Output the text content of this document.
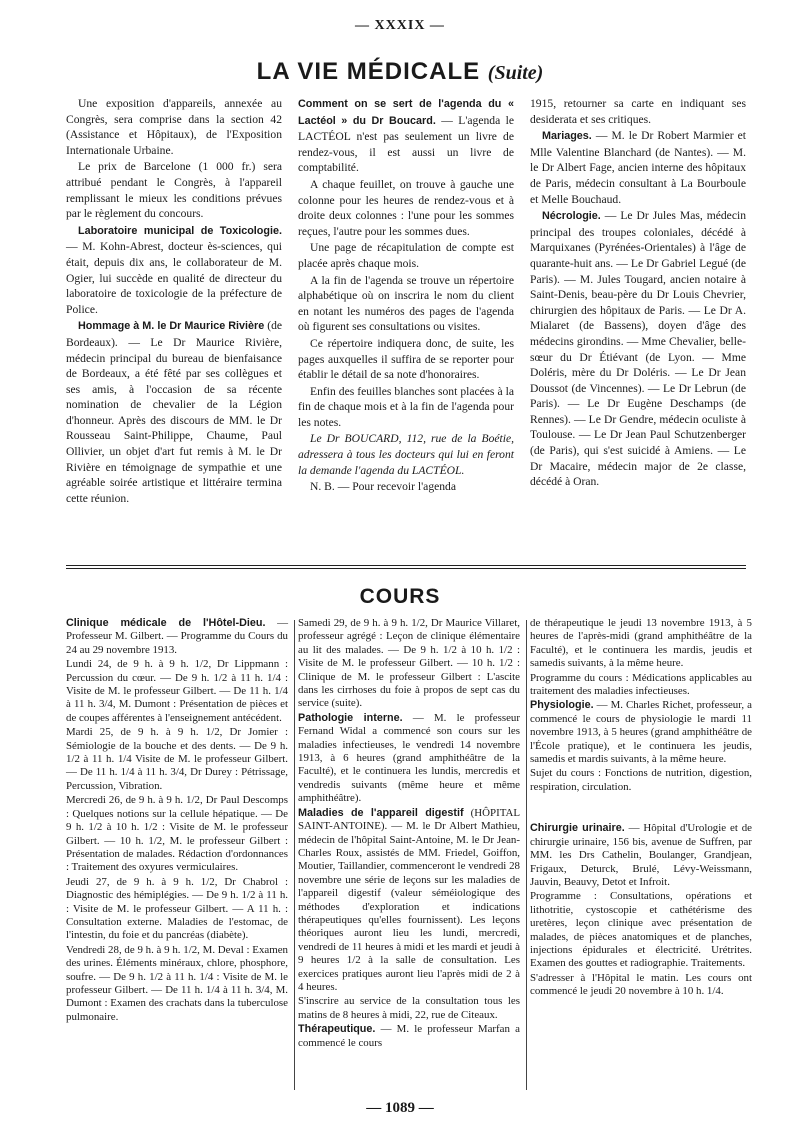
— XXXIX —
LA VIE MÉDICALE (Suite)

Une exposition d'appareils, annexée au Congrès, sera comprise dans la section 42 (Assistance et Hôpitaux), de l'Exposition Internationale Urbaine.

Le prix de Barcelone (1 000 fr.) sera attribué pendant le Congrès, à l'appareil remplissant le mieux les conditions prévues par le règlement du concours.

Laboratoire municipal de Toxicologie. — M. Kohn-Abrest, docteur ès-sciences, qui était, depuis dix ans, le collaborateur de M. Ogier, lui succède en qualité de directeur du laboratoire de toxicologie de la préfecture de Police.

Hommage à M. le Dr Maurice Rivière (de Bordeaux). — Le Dr Maurice Rivière, médecin principal du bureau de bienfaisance de Bordeaux, a été fêté par ses collègues et ses amis, à l'occasion de sa récente nomination de chevalier de la Légion d'honneur. Après des discours de MM. le Dr Rousseau Saint-Philippe, Chaume, Paul Ollivier, un objet d'art fut remis à M. le Dr Rivière en témoignage de sympathie et une agréable soirée artistique et littéraire termina cette réunion.

Comment on se sert de l'agenda du « Lactéol » du Dr Boucard. — L'agenda le LACTÉOL n'est pas seulement un livre de rendez-vous, il est aussi un livre de comptabilité.

A chaque feuillet, on trouve à gauche une colonne pour les heures de rendez-vous et à droite deux colonnes : l'une pour les sommes reçues, l'autre pour les sommes dues.

Une page de récapitulation de compte est placée après chaque mois.

A la fin de l'agenda se trouve un répertoire alphabétique où on inscrira le nom du client en notant les numéros des pages de l'agenda où figurent ses consultations ou visites.

Ce répertoire indiquera donc, de suite, les pages auxquelles il suffira de se reporter pour établir le détail de sa note d'honoraires.

Enfin des feuilles blanches sont placées à la fin de chaque mois et à la fin de l'agenda pour les notes.

Le Dr BOUCARD, 112, rue de la Boétie, adressera à tous les docteurs qui lui en feront la demande l'agenda du LACTÉOL.

N. B. — Pour recevoir l'agenda

1915, retourner sa carte en indiquant ses desiderata et ses critiques.

Mariages. — M. le Dr Robert Marmier et Mlle Valentine Blanchard (de Nantes). — M. le Dr Albert Fage, ancien interne des hôpitaux de Paris, médecin consultant à La Bourboule et Melle Bouchaud.

Nécrologie. — Le Dr Jules Mas, médecin principal des troupes coloniales, décédé à Marquixanes (Pyrénées-Orientales) à l'âge de quarante-huit ans. — Le Dr Gabriel Legué (de Paris). — M. Jules Tougard, ancien notaire à Saint-Denis, beau-père du Dr Louis Chevrier, chirurgien des hôpitaux de Paris. — Le Dr A. Mialaret (de Bassens), doyen d'âge des médecins girondins. — Mme Chevalier, belle-sœur du Dr Étiévant (de Lyon. — Mme Doléris, mère du Dr Doléris. — Le Dr Jean Doussot (de Vincennes). — Le Dr Lebrun (de Paris). — Le Dr Eugène Deschamps (de Rennes). — Le Dr Gendre, médecin oculiste à Toulouse. — Le Dr Jean Paul Schutzenberger (de Paris), qui s'est suicidé à Amiens. — Le Dr Macaire, médecin major de 2e classe, décédé à Oran.

COURS

Clinique médicale de l'Hôtel-Dieu. — Professeur M. Gilbert. — Programme du Cours du 24 au 29 novembre 1913.

Lundi 24, de 9 h. à 9 h. 1/2, Dr Lippmann : Percussion du cœur. — De 9 h. 1/2 à 11 h. 1/4 : Visite de M. le professeur Gilbert. — De 11 h. 1/4 à 11 h. 3/4, M. Dumont : Présentation de pièces et de coupes afférentes à l'enseignement antécédent.

Mardi 25, de 9 h. à 9 h. 1/2, Dr Jomier : Sémiologie de la bouche et des dents. — De 9 h. 1/2 à 11 h. 1/4 Visite de M. le professeur Gilbert. — De 11 h. 1/4 à 11 h. 3/4, Dr Durey : Pétrissage, Percussion, Vibration.

Mercredi 26, de 9 h. à 9 h. 1/2, Dr Paul Descomps : Quelques notions sur la cellule hépatique. — De 9 h. 1/2 à 10 h. 1/2 : Visite de M. le professeur Gilbert. — 10 h. 1/2, M. le professeur Gilbert : Présentation de malades. Rédaction d'ordonnances : Traitement des oxyures vermiculaires.

Jeudi 27, de 9 h. à 9 h. 1/2, Dr Chabrol : Diagnostic des hémiplégies. — De 9 h. 1/2 à 11 h. : Visite de M. le professeur Gilbert. — A 11 h. : Consultation externe. Maladies de l'estomac, de l'intestin, du foie et du pancréas (diabète).

Vendredi 28, de 9 h. à 9 h. 1/2, M. Deval : Examen des urines. Éléments minéraux, chlore, phosphore, soufre. — De 9 h. 1/2 à 11 h. 1/4 : Visite de M. le professeur Gilbert. — De 11 h. 1/4 à 11 h. 3/4, M. Dumont : Examen des crachats dans la tuberculose pulmonaire.

Samedi 29, de 9 h. à 9 h. 1/2, Dr Maurice Villaret, professeur agrégé : Leçon de clinique élémentaire au lit des malades. — De 9 h. 1/2 à 10 h. 1/2 : Visite de M. le professeur Gilbert. — 10 h. 1/2 : Clinique de M. le professeur Gilbert : L'ascite dans les cirrhoses du foie à propos de sept cas du service (suite).

Pathologie interne. — M. le professeur Fernand Widal a commencé son cours sur les maladies infectieuses, le vendredi 14 novembre 1913, à 6 heures (grand amphithéâtre de la Faculté), et le continuera les lundis, mercredis et vendredis suivants (même heure et même amphithéâtre).

Maladies de l'appareil digestif (HÔPITAL SAINT-ANTOINE). — M. le Dr Albert Mathieu, médecin de l'hôpital Saint-Antoine, M. le Dr Jean-Charles Roux, assistés de MM. Friedel, Goiffon, Moutier, Taillandier, commenceront le vendredi 28 novembre une série de leçons sur les maladies de l'appareil digestif (valeur séméiologique des méthodes d'exploration et indications thérapeutiques qu'elles fournissent). Les leçons théoriques auront lieu les lundi, mercredi, vendredi de 11 heures à midi et les mardi et jeudi à 9 heures 1/2 à la salle de consultation. Les exercices pratiques auront lieu l'après midi de 2 à 4 heures.

S'inscrire au service de la consultation tous les matins de 8 heures à midi, 22, rue de Citeaux.

Thérapeutique. — M. le professeur Marfan a commencé le cours

de thérapeutique le jeudi 13 novembre 1913, à 5 heures de l'après-midi (grand amphithéâtre de la Faculté), et le continuera les mardis, jeudis et samedis suivants, à la même heure.

Programme du cours : Médications applicables au traitement des maladies infectieuses.

Physiologie. — M. Charles Richet, professeur, a commencé le cours de physiologie le mardi 11 novembre 1913, à 5 heures (grand amphithéâtre de l'École pratique), et le continuera les jeudis, samedis et mardis suivants, à la même heure.

Sujet du cours : Fonctions de nutrition, digestion, respiration, circulation.

Chirurgie urinaire. — Hôpital d'Urologie et de chirurgie urinaire, 156 bis, avenue de Suffren, par MM. les Drs Cathelin, Boulanger, Grandjean, Frigaux, Deturck, Brulé, Lévy-Weissmann, Jauvin, Beauvy, Detot et Infroit.

Programme : Consultations, opérations et lithotritie, cystoscopie et cathétérisme des uretères, leçon clinique avec présentation de malades, de pièces anatomiques et de planches, injections épidurales et électricité. Urétrites. Examen des gouttes et radiographie. Traitements.

S'adresser à l'Hôpital le matin. Les cours ont commencé le jeudi 20 novembre à 10 h. 1/4.

— 1089 —
